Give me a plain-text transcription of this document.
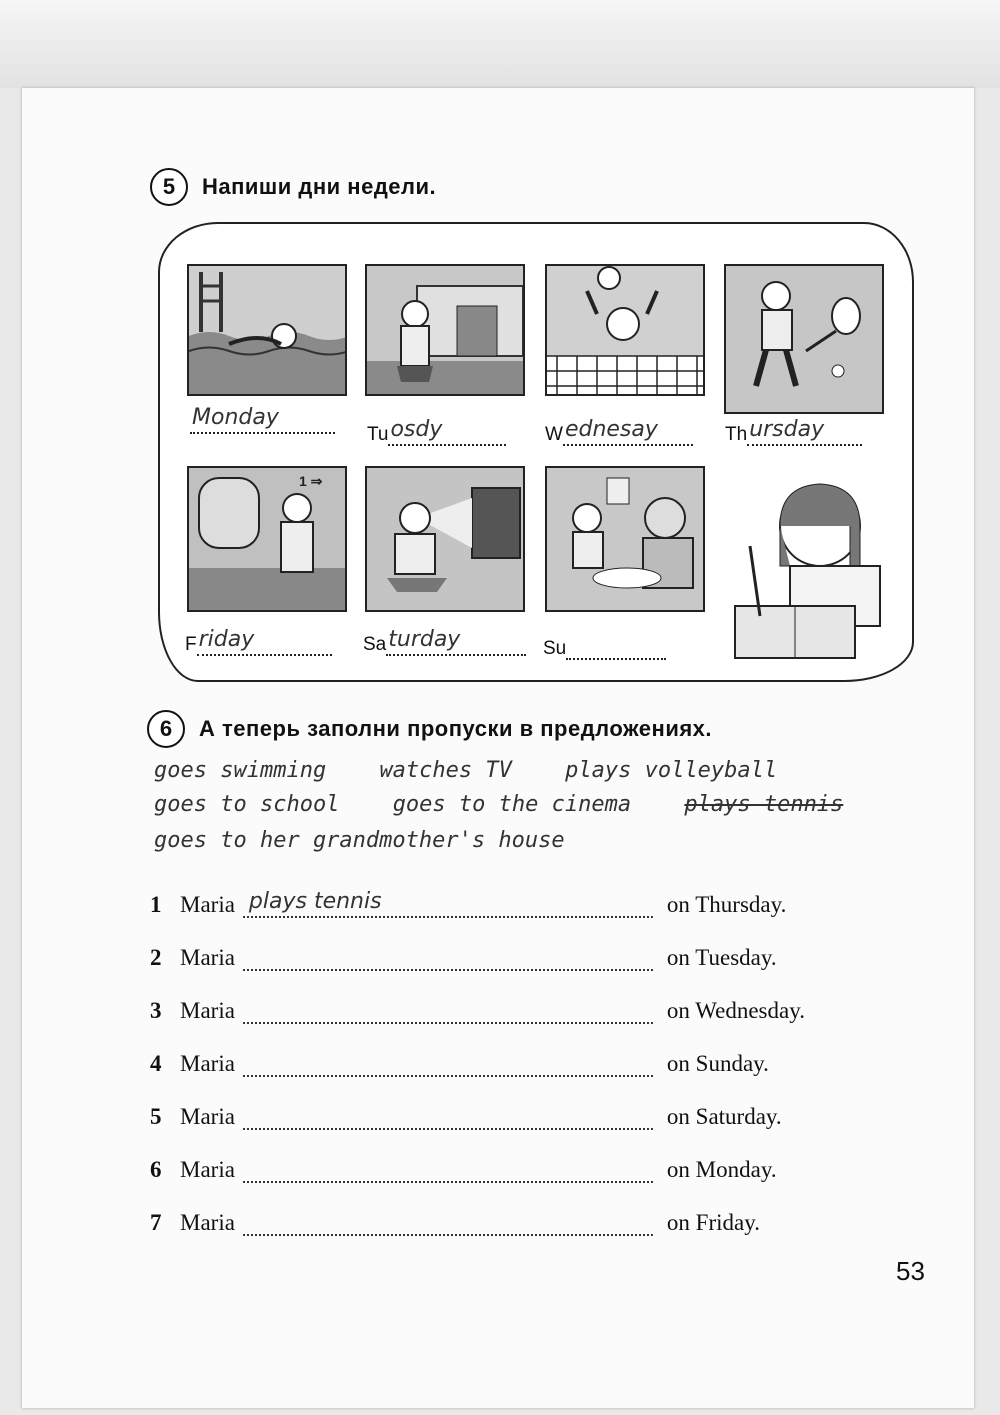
5	Напиши дни недели.
Monday
Tu osdy	W ednesay	Th ursday
1 ⇒
F riday	Sa turday	Su
6	А теперь заполни пропуски в предложениях.
goes swimming watches TV plays volleyball
goes to school goes to the cinema plays tennis
goes to her grandmother's house
1 Maria plays tennis	on Thursday.
2 Maria	on Tuesday.
3 Maria	on Wednesday.
4 Maria	on Sunday.
5 Maria	on Saturday.
6 Maria	on Monday.
7 Maria	on Friday.
53
